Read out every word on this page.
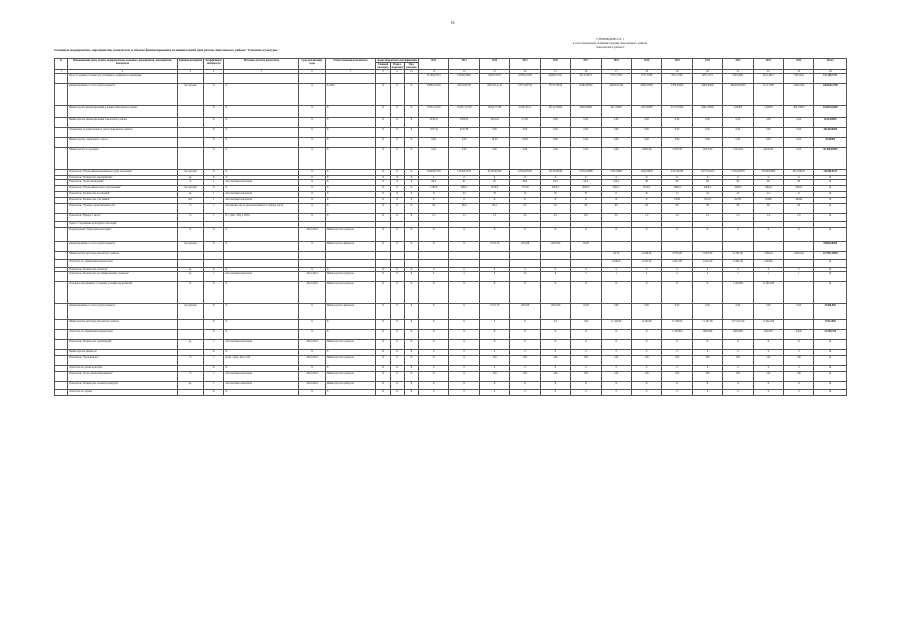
16
УТВЕРЖДЕНО № 1
к постановлению Администрации Заволжского района
"Заволжского района"
Основные мероприятия, мероприятия, показатели и объемы финансирования муниципальной программы Заволжского района "Развитие культуры"
№	Наименование цели, задачи, подпрограммы, основного мероприятия, мероприятия, показателя	Единица измерения	Коэффициент значимости	Методика расчета показателя	Срок реализации, годы	Ответственный исполнитель	Коды бюджетной классификации			2012	2013	2014	2015	2016	2017	2018	2019	2020	2021	2022	2023	2024	Итого
							Главный распоряд.	Раздел, подраздел	Вид расходов														
1	2	3	4	5	6	7	8	9	10	11	12	13	14	15	16	17	18	19	20	21	22	23	24
	Цель "Создание условий для устойчивого развития и повышения									517963,7473	612095,9892	84435,5376	227802,3198	640932,5761	81131,9075	75717,7954	6171,3786	6311,2783	6251,1271	6163,3981	6411,4981	7167,0911	511 189,3731
	финансирование за счет средств бюджета	тыс.рублей	Х	Х	Х	Х-2030	Х	Х	Х	23890,16128	25541,82720	2941321,4710	18771,63734	73731,79018	16262,06782	44282,01540	4386,52560	2708,45000	2484,30000	284450,45500	2111,1780	2248,1820	1464456,2780
	Министерство финансирования в рамках Заволжского района		Х	Х	Х	Х	Х	Х	Х	74321,44150	1543171,5730	26414,77780	24197,0121	29714,32000	4485,02800	621,35000	1145,45000	2172,57000	2661,25000	5,00000	1,00000	380.10000	1544641,0000
	Министерство финансирования Заволжского района		Х	Х	Х	Х	Х	Х	Х	2359,70	2050,95	1619,20	27,00	0,00	0,00	0,00	0,00	0,00	0,00	0,00	0,00	0,00	8216,00000
	Управление государственного заказа Заволжского района		Х	Х	Х	Х	Х	Х	Х	1707,42	4197,88	0,00	0,00	0,00	0,00	0,00	0,00	0,00	0,00	0,00	0,00	0,00	38140,00000
	Министерство социального отдела		Х	Х	Х	Х	Х	Х	Х	0,00	0,00	18,00	18,00	0,00	0,00	0,00	0,00	0,00	0,00	0,00	0,00	0,00	36,00000
	Министерство по культуре		Х	Х	Х	Х	Х	Х	Х	0,00	0,00	0,00	0,00	0,00	0,00	0,00	12493,00	13187,00	13471,00	13474,00	20184,00	0,00	30 490,00000
	Показатель "Объем финансирования на душу населения"	тыс.рублей	Х	Х	Х	Х	Х	Х	Х	184458,7576	125454,3376	95135,02790	18764,83100	12134,96780	13274,45800	1332,19800	1329,04870	4451,46780	13271,94470	13154,95470	23324,65900	3931,96470	161686,9513
	Показатель "Количество мероприятий"	ед.	Х	Х	Х	Х	Х	Х	Х	0	0	0	0	0	0	0	0	0	0	0	0	0	Х
	Показатель "Доля учреждений"	%	1	Абсолютный показатель	Х	Х	Х	Х	Х	86,2	91	95	98,6	93,3	94,0	100,3	60	60	60	60	60	60	Х
	Показатель "Объем финансового обеспечения"	тыс.рублей	Х	Х	Х	Х	Х	Х	Х	1789,8	1985,1	2010,8	1774,6	2053,4	2000,2	2010,7	2010,2	1998,4	2000,4	1984,5	1964,0	1940,2	Х
	Показатель "Количество посещений"	ед.	1	Абсолютный показатель	Х	Х	Х	Х	Х	15	24	33	10	50	33	11	25	14	24	25	24	Х	Х
	Показатель "Количество участников"	чел.	1	Абсолютный показатель	Х	Х	Х	Х	Х	Х	Х	Х	Х	Х	Х	Х	Х	73002	85122	82233	81086	40046	Х
	Показатель "Уровень удовлетворенности"	%	1	Отношение числа удовлетворенных к общему числу	Х	Х	Х	Х	Х	90	89,8	90,3	95	95	90	90	90	90	90	90	90	90	Х
	Показатель "Прирост числа"	%	1	П = (Пот / Пб) x 100%	Х	Х	Х	Х	Х	1,3	1,1	1,5	2,5	8,1	8,9	3,5	1,0	1,2	1,2	1,2	1,4	1,6	Х
	Задача "Сохранение культурного наследия"																						
	Подпрограмма "Культурное наследие"	Х	Х	Х	2014-2024	Министерство культуры	Х	Х	Х	Х	Х	Х	Х	Х	Х	Х	Х	Х	Х	Х	Х	Х	Х
	финансирование за счет средств бюджета	тыс.рублей	Х	Х	Х	Министерство финансов	Х	Х	Х	Х	Х	17311,78	1974,66	14072,90	19,00								95866,00000
	Министерство культуры Заволжского района															26,70	11440,00	47761,00	71267,00	11781,00	1308,00	10010,00	127766,42000
	Агентство по управлению имуществом															1188,00	11321,00	11421,00	11441,00	11461,00	1160,00		Х
	Показатель "Количество объектов"	ед.	Х	Х	Х	Х	Х	Х	Х	0	0	0	0	0	0	0	0	0	0	0	0	0	Х
	Показатель "Количество реставрированных объектов"	ед.	1	Абсолютный показатель	2014-2024	Министерство культуры	Х	Х	Х	4	5	8	14	8	3	1	4	4	4	2	1	1	Х
	Основное мероприятие "Создание условий для развития"	Х	Х	Х	2014-2024	Министерство культуры	Х	Х	Х	Х	Х	Х	Х	Х	Х	Х	Х	Х	Х	1 100,000	11 461,000		Х
	финансирование за счет средств бюджета	тыс.рублей	Х	Х	Х	Министерство финансов	Х	Х	Х	Х	Х	17311,78	1974,66	14072,90	19,00	0,00	0,00	0,00	0,00	0,00	0,00	0,00	94466,000
	Министерство культуры Заволжского района		Х	Х	Х	Х	Х	Х	Х	Х	Х	0	Х	0,0	1,00	11 440,00	15 440,00	17 280,00	71 267,00	1173 011,00	11 461,000		7430,1000
	Агентство по управлению имуществом		Х	Х	Х	Х	Х	Х	Х	Х	Х	Х	Х	Х	Х	Х	Х	1 100,000	1000,000	2000,000	202,000	0,000	22 000,700
	Показатель "Количество организаций"	ед.	1	Абсолютный показатель	2014-2024	Министерство культуры	Х	Х	Х	Х	Х	Х	Х	Х	Х	Х	Х	Х	Х	Х	Х	Х	Х
	Министерство финансов		Х	Х	Х	Х	Х	Х	Х	0	0	0	0	0	0	0	0	0	0	0	0	0	Х
	Показатель "Удельный вес"	%	1	Доля = (Кф / Ко) x 100	2014-2024	Министерство культуры	Х	Х	Х	Х	Х	100	100	100	100	100	100	100	100	100	100	100	Х
	Агентство по делам культуры		Х	Х	Х	Х	Х	Х	Х	0	0	0	0	0	0	0	0	0	0	0	0	0	Х
	Показатель "Доля отремонтированных"	%	1	Абсолютный показатель	2014-2024	Министерство культуры	Х	Х	Х	Х	Х	100	100	100	100	100	100	100	100	100	100	100	Х
	Показатель "Количество объектов культуры"	ед.	1	Абсолютный показатель	2014-2024	Министерство культуры	Х	Х	Х	Х	Х	Х	Х	Х	Х	Х	Х	Х	Х	Х	Х	Х	Х
	Агентство по охране		Х	Х	Х	Х	Х	Х	Х	0	0	0	0	0	0	0	0	0	0	0	0	0	Х
